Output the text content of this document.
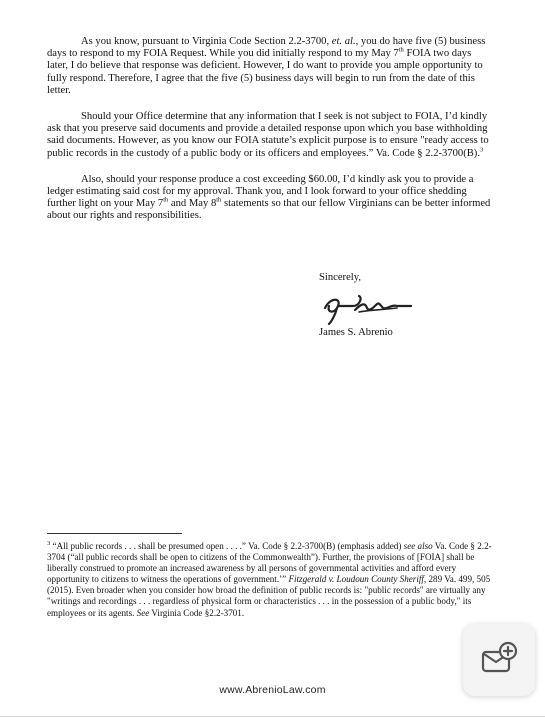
As you know, pursuant to Virginia Code Section 2.2-3700, et. al., you do have five (5) business days to respond to my FOIA Request. While you did initially respond to my May 7th FOIA two days later, I do believe that response was deficient. However, I do want to provide you ample opportunity to fully respond. Therefore, I agree that the five (5) business days will begin to run from the date of this letter.

Should your Office determine that any information that I seek is not subject to FOIA, I’d kindly ask that you preserve said documents and provide a detailed response upon which you base withholding said documents. However, as you know our FOIA statute’s explicit purpose is to ensure "ready access to public records in the custody of a public body or its officers and employees.” Va. Code § 2.2-3700(B).$^3$

Also, should your response produce a cost exceeding $60.00, I’d kindly ask you to provide a ledger estimating said cost for my approval. Thank you, and I look forward to your office shedding further light on your May 7th and May 8th statements so that our fellow Virginians can be better informed about our rights and responsibilities.

Sincerely,
James S. Abrenio

$^3$ “All public records . . . shall be presumed open . . . .” Va. Code § 2.2-3700(B) (emphasis added) see also Va. Code § 2.2-3704 (“all public records shall be open to citizens of the Commonwealth”). Further, the provisions of [FOIA] shall be liberally construed to promote an increased awareness by all persons of governmental activities and afford every opportunity to citizens to witness the operations of government.’” Fitzgerald v. Loudoun County Sheriff, 289 Va. 499, 505 (2015). Even broader when you consider how broad the definition of public records is: "public records" are virtually any "writings and recordings . . . regardless of physical form or characteristics . . . in the possession of a public body," its employees or its agents. See Virginia Code §2.2-3701.

www.AbrenioLaw.com
